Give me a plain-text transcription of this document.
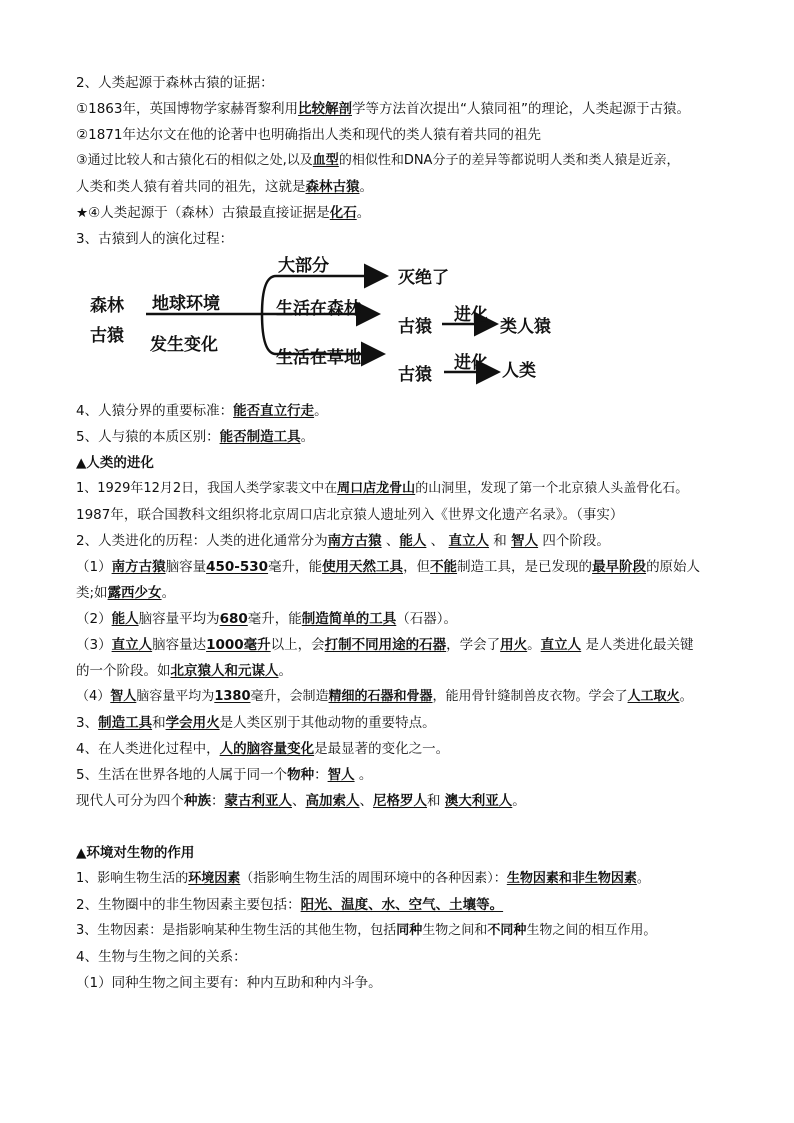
2、人类起源于森林古猿的证据：
①1863年，英国博物学家赫胥黎利用比较解剖学等方法首次提出“人猿同祖”的理论，人类起源于古猿。
②1871年达尔文在他的论著中也明确指出人类和现代的类人猿有着共同的祖先
③通过比较人和古猿化石的相似之处,以及血型的相似性和DNA分子的差异等都说明人类和类人猿是近亲，
人类和类人猿有着共同的祖先，这就是森林古猿。
★④人类起源于（森林）古猿最直接证据是化石。
3、古猿到人的演化过程：
森林
古猿
地球环境
发生变化
大部分
灭绝了
生活在森林
古猿
进化
类人猿
生活在草地
古猿
进化 人类
4、人猿分界的重要标准：能否直立行走。
5、人与猿的本质区别：能否制造工具。
▲人类的进化
1、1929年12月2日，我国人类学家裴文中在周口店龙骨山的山洞里，发现了第一个北京猿人头盖骨化石。
1987年，联合国教科文组织将北京周口店北京猿人遗址列入《世界文化遗产名录》。（事实）
2、人类进化的历程：人类的进化通常分为南方古猿 、能人 、 直立人 和 智人 四个阶段。
（1）南方古猿脑容量450-530毫升，能使用天然工具，但不能制造工具，是已发现的最早阶段的原始人
类;如露西少女。
（2）能人脑容量平均为680毫升，能制造简单的工具（石器）。
（3）直立人脑容量达1000毫升以上，会打制不同用途的石器，学会了用火。直立人 是人类进化最关键
的一个阶段。如北京猿人和元谋人。
（4）智人脑容量平均为1380毫升，会制造精细的石器和骨器，能用骨针缝制兽皮衣物。学会了人工取火。
3、制造工具和学会用火是人类区别于其他动物的重要特点。
4、在人类进化过程中，人的脑容量变化是最显著的变化之一。
5、生活在世界各地的人属于同一个物种：智人 。
现代人可分为四个种族：蒙古利亚人、高加索人、尼格罗人和 澳大利亚人。
▲环境对生物的作用
1、影响生物生活的环境因素（指影响生物生活的周围环境中的各种因素）：生物因素和非生物因素。
2、生物圈中的非生物因素主要包括：阳光、温度、水、空气、土壤等。
3、生物因素：是指影响某种生物生活的其他生物，包括同种生物之间和不同种生物之间的相互作用。
4、生物与生物之间的关系：
（1）同种生物之间主要有：种内互助和种内斗争。
